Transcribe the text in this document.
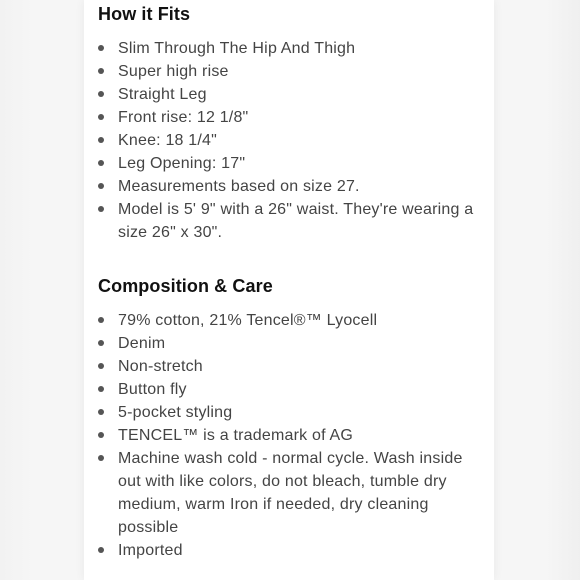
How it Fits
Slim Through The Hip And Thigh
Super high rise
Straight Leg
Front rise: 12 1/8"
Knee: 18 1/4"
Leg Opening: 17"
Measurements based on size 27.
Model is 5' 9" with a 26" waist. They're wearing a size 26" x 30".
Composition & Care
79% cotton, 21% Tencel®™ Lyocell
Denim
Non-stretch
Button fly
5-pocket styling
TENCEL™ is a trademark of AG
Machine wash cold - normal cycle. Wash inside out with like colors, do not bleach, tumble dry medium, warm Iron if needed, dry cleaning possible
Imported
